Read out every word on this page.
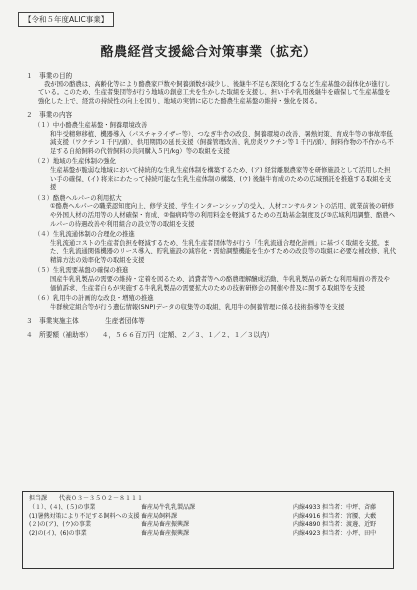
【令和５年度ALIC事業】
酪農経営支援総合対策事業（拡充）

１　事業の目的

我が国の酪農は、高齢化等により酪農家戸数や飼養頭数が減少し、後継牛不足も深刻化するなど生産基盤の弱体化が進行している。このため、生産者集団等が行う地域の創意工夫を生かした取組を支援し、担い手や乳用後継牛を確保して生産基盤を強化した上で、経営の持続性の向上を図り、地域の実情に応じた酪農生産基盤の維持・強化を図る。

２　事業の内容

（１）中小酪農生産基盤・飼養環境改善

和牛受精卵移植、機器導入（パスチャライザー等）、つなぎ牛舎の改良、飼養環境の改善、暑熱対策、育成牛等の事故率低減支援（ワクチン１千円/頭）、供用期間の延長支援（飼養管理改善、乳房炎ワクチン等１千円/頭）、飼料作物の不作から不足する自給飼料の代替飼料の共同購入５円/kg）等の取組を支援

（２）地域の生産体制の強化

生産基盤が脆弱な地域において持続的な生乳生産体制を構築するため、(ア) 経営離脱農家等を研修施設として活用した担い手の確保、(イ) 将来にわたって持続可能な生乳生産体制の構築、(ウ) 後継牛育成のための広域預託を推進する取組を支援

（３）酪農ヘルパーの利用拡大

①酪農ヘルパーの職業認知度向上、修学支援、学生インターンシップの受入、人材コンサルタントの活用、就業前後の研修や外国人材の活用等の人材確保・育成、②傷病時等の利用料金を軽減するための互助基金制度及び③広域利用調整、酪農ヘルパーの待遇改善や利用組合の設立等の取組を支援

（４）生乳流通体制の合理化の推進

生乳流通コストの生産者負担を軽減するため、生乳生産者団体等が行う「生乳流通合理化計画」に基づく取組を支援。また、生乳流通関係機器のリース導入、貯乳施設の減容化・需給調整機能を生かすための改良等の取組に必要な補改修、乳代精算方法の効率化等の取組を支援

（５）生乳需要基盤の確保の推進

国産牛乳乳製品の需要の維持・定着を図るため、消費者等への酪農理解醸成活動、牛乳乳製品の新たな利用場面の普及や価値訴求、生産者自らが実施する牛乳乳製品の需要拡大のための技術研修会の開催や普及に関する取組等を支援

（６）乳用牛の計画的な改良・増殖の推進

牛群検定組合等が行う遺伝情報(SNP)データの収集等の取組、乳用牛の飼養管理に係る技術指導等を支援

３　事業実施主体　　　　生産者団体等

４　所要額（補助率）　　４，５６６百万円（定額、２／３、１／２、１／３以内）

担当課　　代表０３－３５０２－８１１１
（１）、(４)、(５)の事業	畜産局牛乳乳製品課	内線4933 担当者：中坪、斉藤
(1)暑熱対策により不足する飼料への支援 畜産局飼料課	内線4916 担当者：宮腰、大藪
(２)の(ア)、(ウ)の事業	畜産局畜産振興課	内線4890 担当者：渡邊、近野
(2)の(イ)、(6)の事業	畜産局畜産振興課	内線4923 担当者：小坪、田中
